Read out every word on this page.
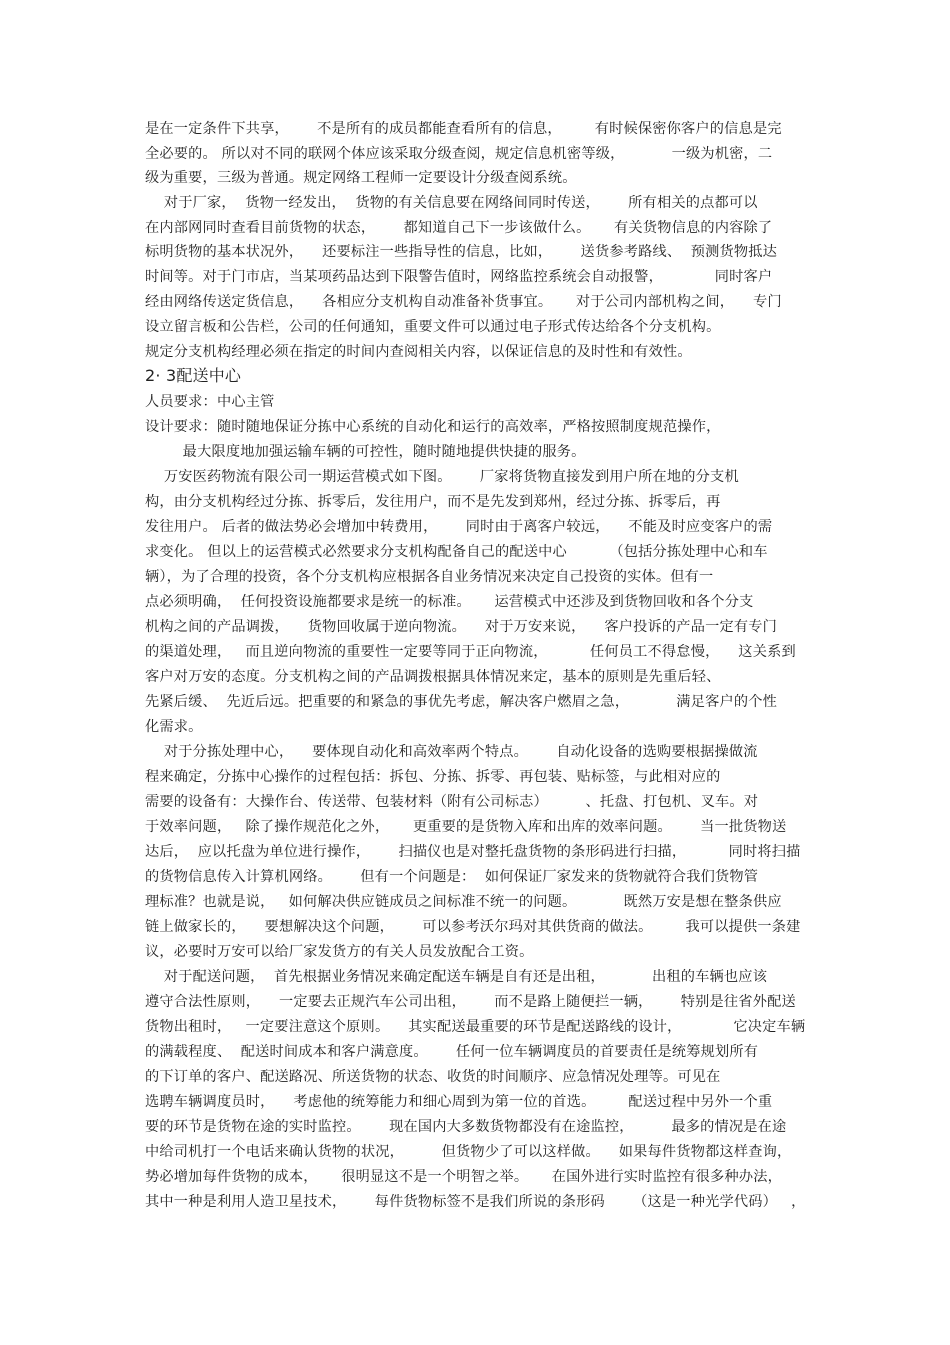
是在一定条件下共享，      不是所有的成员都能查看所有的信息，       有时候保密你客户的信息是完
全必要的。 所以对不同的联网个体应该采取分级查阅，规定信息机密等级，          一级为机密，二
级为重要，三级为普通。规定网络工程师一定要设计分级查阅系统。
对于厂家，  货物一经发出，  货物的有关信息要在网络间同时传送，      所有相关的点都可以
在内部网同时查看目前货物的状态，      都知道自己下一步该做什么。     有关货物信息的内容除了
标明货物的基本状况外，    还要标注一些指导性的信息，比如，      送货参考路线、  预测货物抵达
时间等。对于门市店，当某项药品达到下限警告值时，网络监控系统会自动报警，           同时客户
经由网络传送定货信息，    各相应分支机构自动准备补货事宜。     对于公司内部机构之间，    专门
设立留言板和公告栏，公司的任何通知，重要文件可以通过电子形式传达给各个分支机构。
规定分支机构经理必须在指定的时间内查阅相关内容，以保证信息的及时性和有效性。
2· 3配送中心
人员要求：中心主管
设计要求：随时随地保证分拣中心系统的自动化和运行的高效率，严格按照制度规范操作，
最大限度地加强运输车辆的可控性，随时随地提供快捷的服务。
万安医药物流有限公司一期运营模式如下图。      厂家将货物直接发到用户所在地的分支机
构，由分支机构经过分拣、拆零后，发往用户，而不是先发到郑州，经过分拣、拆零后，再
发往用户。 后者的做法势必会增加中转费用，      同时由于离客户较远，    不能及时应变客户的需
求变化。 但以上的运营模式必然要求分支机构配备自己的配送中心         （包括分拣处理中心和车
辆），为了合理的投资，各个分支机构应根据各自业务情况来决定自己投资的实体。但有一
点必须明确，  任何投资设施都要求是统一的标准。     运营模式中还涉及到货物回收和各个分支
机构之间的产品调拨，    货物回收属于逆向物流。    对于万安来说，    客户投诉的产品一定有专门
的渠道处理，   而且逆向物流的重要性一定要等同于正向物流，         任何员工不得怠慢，    这关系到
客户对万安的态度。分支机构之间的产品调拨根据具体情况来定，基本的原则是先重后轻、
先紧后缓、  先近后远。把重要的和紧急的事优先考虑，解决客户燃眉之急，          满足客户的个性
化需求。
对于分拣处理中心，    要体现自动化和高效率两个特点。      自动化设备的选购要根据操做流
程来确定，分拣中心操作的过程包括：拆包、分拣、拆零、再包装、贴标签，与此相对应的
需要的设备有：大操作台、传送带、包装材料（附有公司标志）        、托盘、打包机、叉车。对
于效率问题，   除了操作规范化之外，     更重要的是货物入库和出库的效率问题。      当一批货物送
达后，  应以托盘为单位进行操作，      扫描仪也是对整托盘货物的条形码进行扫描，         同时将扫描
的货物信息传入计算机网络。      但有一个问题是：  如何保证厂家发来的货物就符合我们货物管
理标准？也就是说，   如何解决供应链成员之间标准不统一的问题。          既然万安是想在整条供应
链上做家长的，    要想解决这个问题，      可以参考沃尔玛对其供货商的做法。       我可以提供一条建
议，必要时万安可以给厂家发货方的有关人员发放配合工资。
对于配送问题，  首先根据业务情况来确定配送车辆是自有还是出租，          出租的车辆也应该
遵守合法性原则，    一定要去正规汽车公司出租，      而不是路上随便拦一辆，      特别是往省外配送
货物出租时，   一定要注意这个原则。    其实配送最重要的环节是配送路线的设计，           它决定车辆
的满载程度、  配送时间成本和客户满意度。      任何一位车辆调度员的首要责任是统筹规划所有
的下订单的客户、配送路况、所送货物的状态、收货的时间顺序、应急情况处理等。可见在
选聘车辆调度员时，    考虑他的统筹能力和细心周到为第一位的首选。       配送过程中另外一个重
要的环节是货物在途的实时监控。      现在国内大多数货物都没有在途监控，        最多的情况是在途
中给司机打一个电话来确认货物的状况，        但货物少了可以这样做。    如果每件货物都这样查询，
势必增加每件货物的成本，     很明显这不是一个明智之举。     在国外进行实时监控有很多种办法，
其中一种是利用人造卫星技术，      每件货物标签不是我们所说的条形码      （这是一种光学代码）   ，
